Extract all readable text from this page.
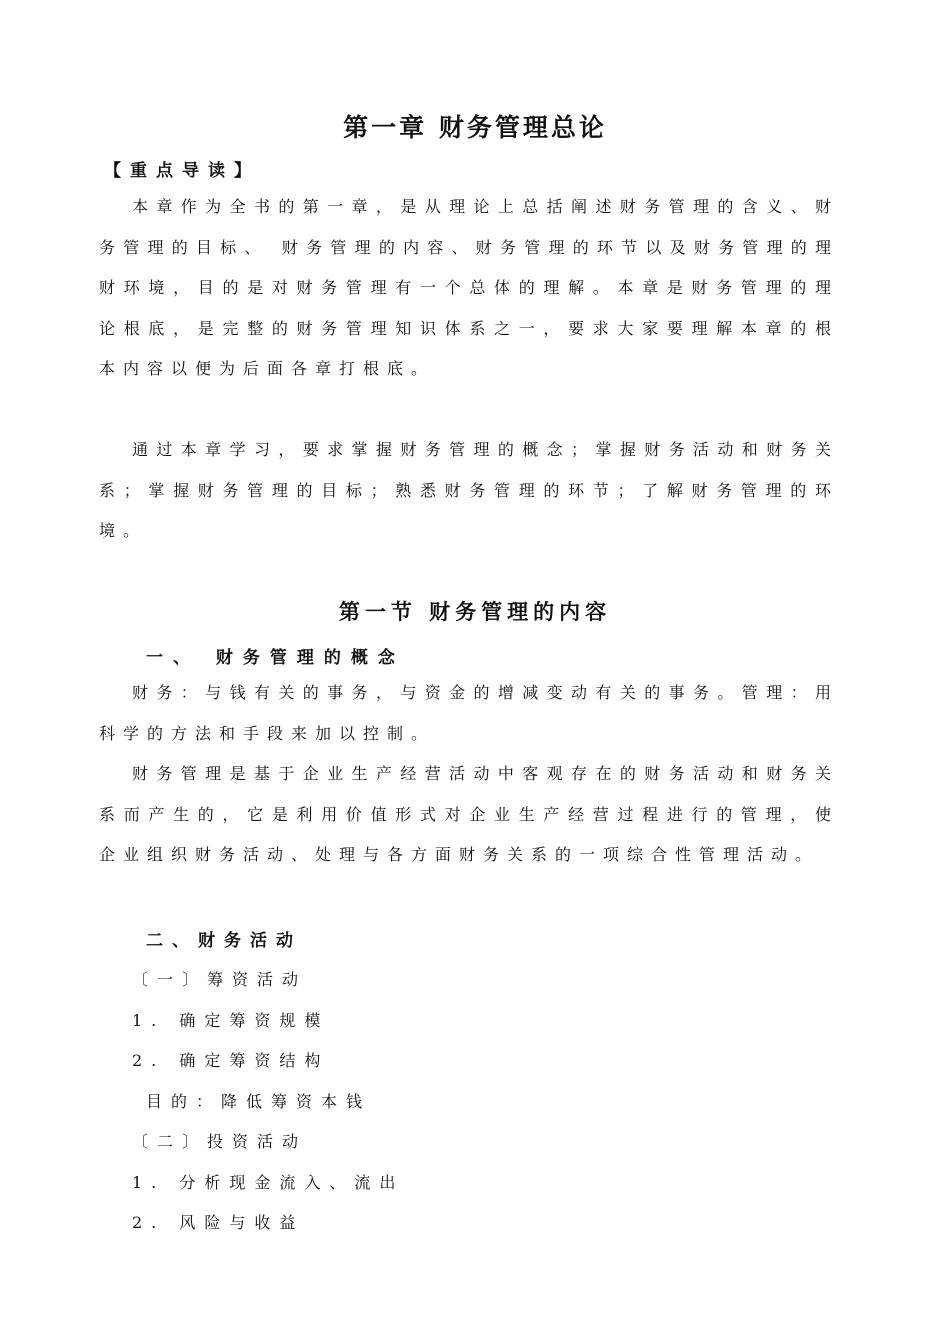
第一章 财务管理总论
【重点导读】

本章作为全书的第一章，是从理论上总括阐述财务管理的含义、财务管理的目标、 财务管理的内容、财务管理的环节以及财务管理的理财环境，目的是对财务管理有一个总体的理解。本章是财务管理的理论根底，是完整的财务管理知识体系之一，要求大家要理解本章的根本内容以便为后面各章打根底。

通过本章学习，要求掌握财务管理的概念；掌握财务活动和财务关系；掌握财务管理的目标；熟悉财务管理的环节；了解财务管理的环境。

第一节 财务管理的内容
一、 财务管理的概念

财务：与钱有关的事务，与资金的增减变动有关的事务。管理：用科学的方法和手段来加以控制。

财务管理是基于企业生产经营活动中客观存在的财务活动和财务关系而产生的，它是利用价值形式对企业生产经营过程进行的管理，使企业组织财务活动、处理与各方面财务关系的一项综合性管理活动。

二、财务活动
〔一〕筹资活动
1. 确定筹资规模
2. 确定筹资结构
目的：降低筹资本钱
〔二〕投资活动
1. 分析现金流入、流出
2. 风险与收益
